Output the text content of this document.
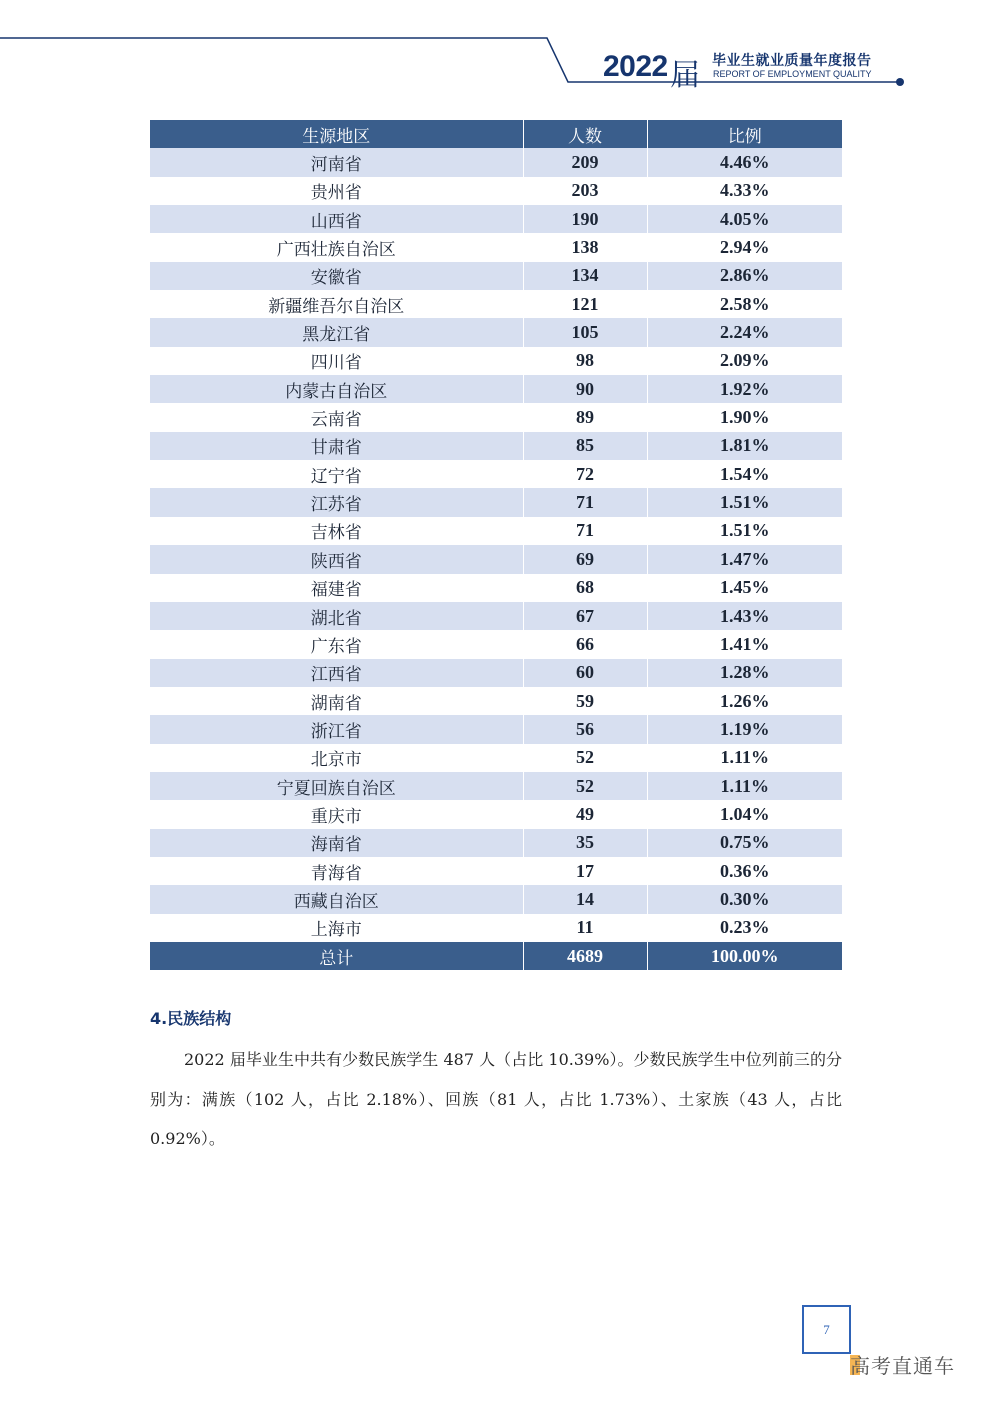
2022 届 毕业生就业质量年度报告
REPORT OF EMPLOYMENT QUALITY
生源地区	人数	比例
河南省	209	4.46%
贵州省	203	4.33%
山西省	190	4.05%
广西壮族自治区	138	2.94%
安徽省	134	2.86%
新疆维吾尔自治区	121	2.58%
黑龙江省	105	2.24%
四川省	98	2.09%
内蒙古自治区	90	1.92%
云南省	89	1.90%
甘肃省	85	1.81%
辽宁省	72	1.54%
江苏省	71	1.51%
吉林省	71	1.51%
陕西省	69	1.47%
福建省	68	1.45%
湖北省	67	1.43%
广东省	66	1.41%
江西省	60	1.28%
湖南省	59	1.26%
浙江省	56	1.19%
北京市	52	1.11%
宁夏回族自治区	52	1.11%
重庆市	49	1.04%
海南省	35	0.75%
青海省	17	0.36%
西藏自治区	14	0.30%
上海市	11	0.23%
总计	4689	100.00%
4.民族结构
2022 届毕业生中共有少数民族学生 487 人（占比 10.39%）。少数民族学生中位列前三的分别为：满族（102 人，占比 2.18%）、回族（81 人，占比 1.73%）、土家族（43 人，占比 0.92%）。
7
高考直通车
